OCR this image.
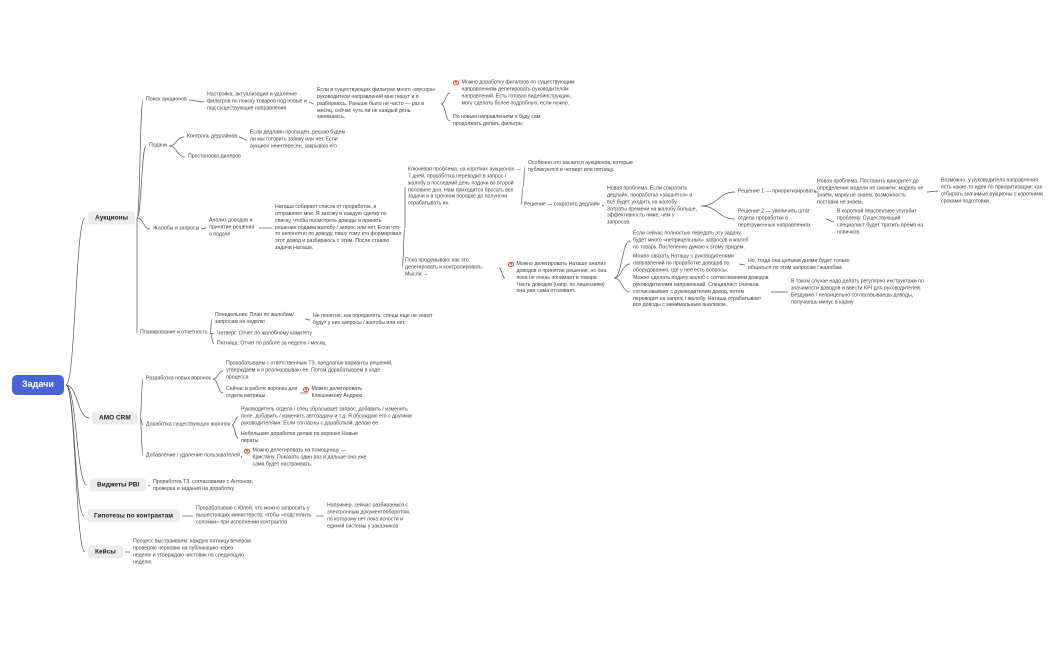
Задачи
Аукционы
Поиск аукционов
Настройка, актуализация и удаление фильтров по поиску товаров под новые и под существующие направления
Если в существующих фильтрах много «мусора» руководители направлений мне пишут и я разбираюсь. Раньше было не часто — раз в месяц, сейчас чуть ли не каждый день занимаюсь.
Можно доработку фильтров по существующим направлениям делегировать руководителям направлений. Есть готовая видеоинструкция, могу сделать более подробную, если нужно.
По новым направлениям я буду сам продолжать делать фильтры
Подачи
Контроль дедлайнов
Если дедлайн пропущен, решаю будем ли мы готовить заявку или нет. Если аукцион неинтересен, закрываю его
Простановка дилеров
Жалобы и запросы
Анализ доводов и принятие решения о подаче
Наташа собирает список от проработок, и отправляет мне. Я захожу в каждую сделку по списку, чтобы посмотреть доводы и принять решение подаем жалобу / запрос или нет. Если что-то непонятно по доводу, пишу тому кто формировал этот довод и разбираюсь с этим. После ставлю задачи Наташе.
Ключевая проблема: на коротких аукционах — 7 дней, проработка переводит в запрос / жалобу в последний день подачи во второй половине дня. Нам приходится бросать все задачи и в срочном порядке до полуночи отрабатывать их.
Особенно это касается аукционов, которые публикуются в четверг или пятницу.
Решение — сократить дедлайн
Новая проблема. Если сократить дедлайн, проработка «зашьется» и всё будет уходить на жалобу. Затраты времени на жалобу больше, эффективность ниже, чем у запросов.
Решение 1 — приоритизировать
Новая проблема. Поставить приоритет до определения модели не сможем: модель не знаем, марку не знаем, возможность поставки не знаем.
Возможно, у руководителя направления есть какие-то идеи по приоритизации: как отбирать значимые аукционы с короткими сроками подготовки.
Решение 2 — увеличить штат отдела проработки в перегруженных направлениях
В короткой перспективе усугубит проблему. Существующий специалист будет тратить время на новичков.
Пока продумываю: как это делегировать и контролировать. Мысли →
Можно делегировать Наташе анализ доводов и принятие решения, но она пока не очень понимает в товаре. Часть доводов (напр. по лицензиям) она уже сама отсеивает.
Если сейчас полностью передать эту задачу, будет много «неприцельных» запросов и жалоб по товару. Постепенно думаю к этому придем.
Можно связать Наташу с руководителями направлений по проработке доводов по оборудованию, где у нее есть вопросы.
Но, тогда она целыми днями будет только общаться по этим запросам / жалобам.
Можно сделать подачу жалоб с согласованием доводов руководителями направлений. Специалист сначала согласовывает с руководителем довод, потом переводит на запрос / жалобу. Наташа отрабатывает все доводы с минимальным анализом.
В таком случае надо делать регулярно инструктажи по значимости доводов и ввести KPI для руководителей. Бездумно / неприцельно согласовываешь доводы, получаешь минус в карму
Планирование и отчетность
Понедельник: План по жалобам/ запросам на неделю
Не понятно: как определять: спецы еще не знают будут у них запросы / жалобы или нет.
Четверг: Отчет по жалобному комитету
Пятница: Отчет по работе за неделю / месяц
AMO CRM
Разработка новых воронок
Прорабатываем с ответственным ТЗ, предлагаю варианты решений, утверждаем и я реализовываю ее. Потом дорабатываем в ходе процесса
Сейчас в работе воронка для отдела матрицы
Можно делегировать Клюшникову Андрею
Доработка существующих воронок
Руководитель отдела / спец сбрасывает запрос: добавить / изменить поле, добавить / изменить автозадачу и т.д. Я обсуждаю его с другими руководителями. Если согласны с доработкой, делаю ее.
Небольшие доработки делаю по воронке Новые пираты
Добавление / удаление пользователей
Можно делегировать на помощницу — Кристину. Показать один раз и дальше она уже сама будет настраивать.
Виджеты PBI	Проработка ТЗ, согласование с Антоном, проверка и задания на доработку
Гипотезы по контрактам
Прорабатываю с Юлей, что можно запросить у вышестоящих министерств, чтобы «подстелить соломки» при исполнении контрактов
Например, сейчас разбираемся с электронным документооборотом, по которому нет пока ясности и единой системы у заказчиков
Кейсы
Процесс выстраиваем: каждую пятницу вечером проверяю черновик на публикацию через неделю и утверждаю чистовик на следующую неделю.
